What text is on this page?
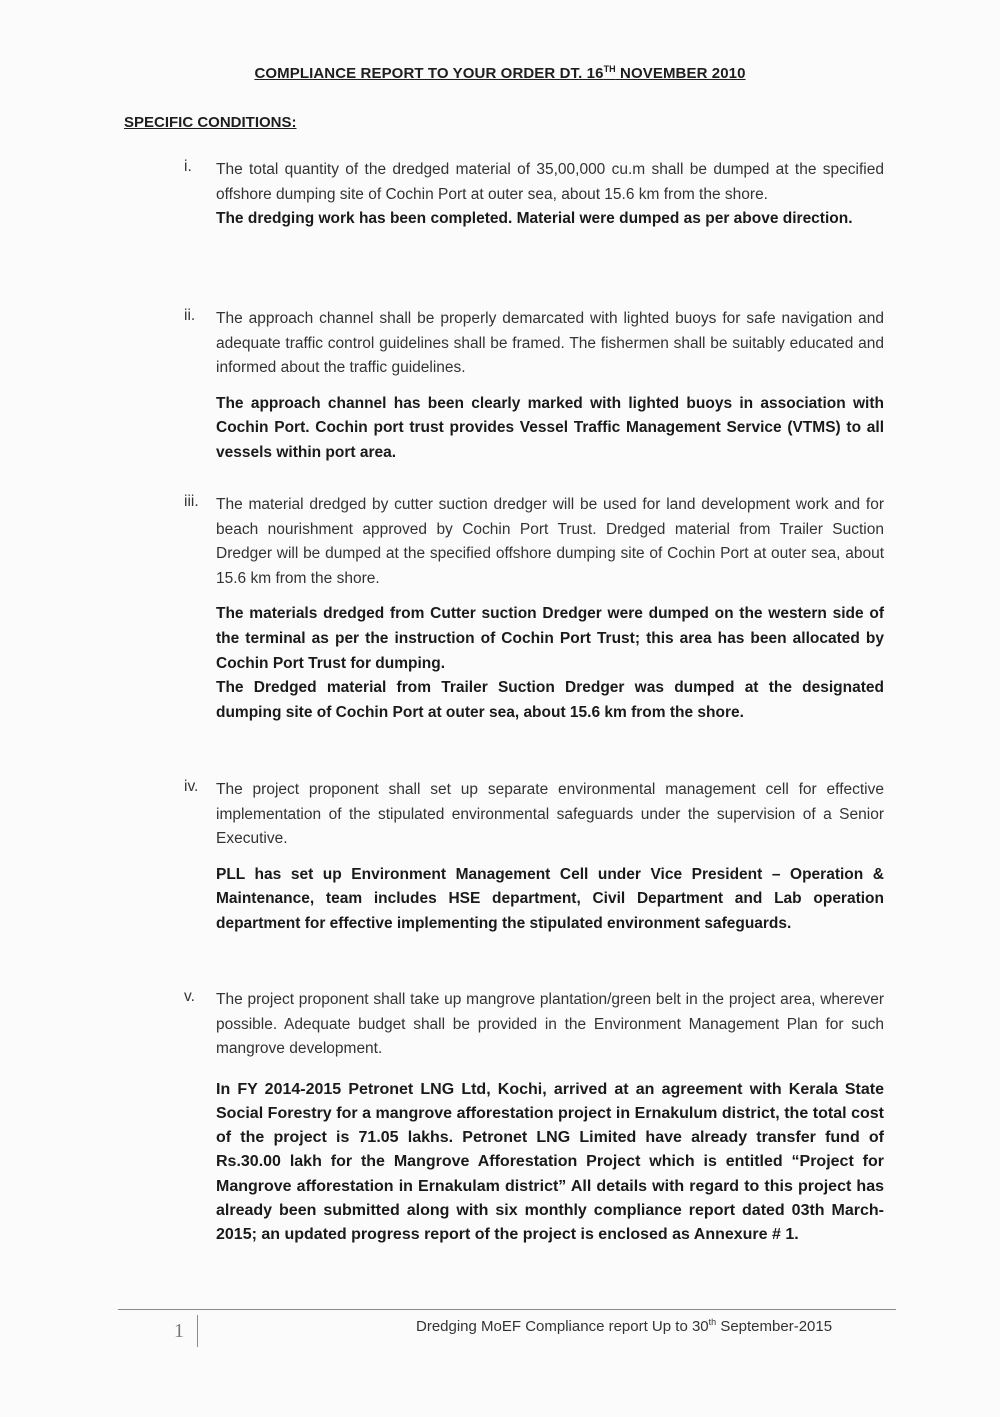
COMPLIANCE REPORT TO YOUR ORDER DT. 16TH NOVEMBER 2010
SPECIFIC CONDITIONS:
i.	The total quantity of the dredged material of 35,00,000 cu.m shall be dumped at the specified offshore dumping site of Cochin Port at outer sea, about 15.6 km from the shore.
The dredging work has been completed. Material were dumped as per above direction.
ii.	The approach channel shall be properly demarcated with lighted buoys for safe navigation and adequate traffic control guidelines shall be framed. The fishermen shall be suitably educated and informed about the traffic guidelines.
The approach channel has been clearly marked with lighted buoys in association with Cochin Port. Cochin port trust provides Vessel Traffic Management Service (VTMS) to all vessels within port area.
iii.	The material dredged by cutter suction dredger will be used for land development work and for beach nourishment approved by Cochin Port Trust. Dredged material from Trailer Suction Dredger will be dumped at the specified offshore dumping site of Cochin Port at outer sea, about 15.6 km from the shore.
The materials dredged from Cutter suction Dredger were dumped on the western side of the terminal as per the instruction of Cochin Port Trust; this area has been allocated by Cochin Port Trust for dumping.
The Dredged material from Trailer Suction Dredger was dumped at the designated dumping site of Cochin Port at outer sea, about 15.6 km from the shore.
iv.	The project proponent shall set up separate environmental management cell for effective implementation of the stipulated environmental safeguards under the supervision of a Senior Executive.
PLL has set up Environment Management Cell under Vice President – Operation & Maintenance, team includes HSE department, Civil Department and Lab operation department for effective implementing the stipulated environment safeguards.
v.	The project proponent shall take up mangrove plantation/green belt in the project area, wherever possible. Adequate budget shall be provided in the Environment Management Plan for such mangrove development.
In FY 2014-2015 Petronet LNG Ltd, Kochi, arrived at an agreement with Kerala State Social Forestry for a mangrove afforestation project in Ernakulum district, the total cost of the project is 71.05 lakhs. Petronet LNG Limited have already transfer fund of Rs.30.00 lakh for the Mangrove Afforestation Project which is entitled “Project for Mangrove afforestation in Ernakulam district” All details with regard to this project has already been submitted along with six monthly compliance report dated 03th March-2015; an updated progress report of the project is enclosed as Annexure # 1.
1	Dredging MoEF Compliance report Up to 30th September-2015
